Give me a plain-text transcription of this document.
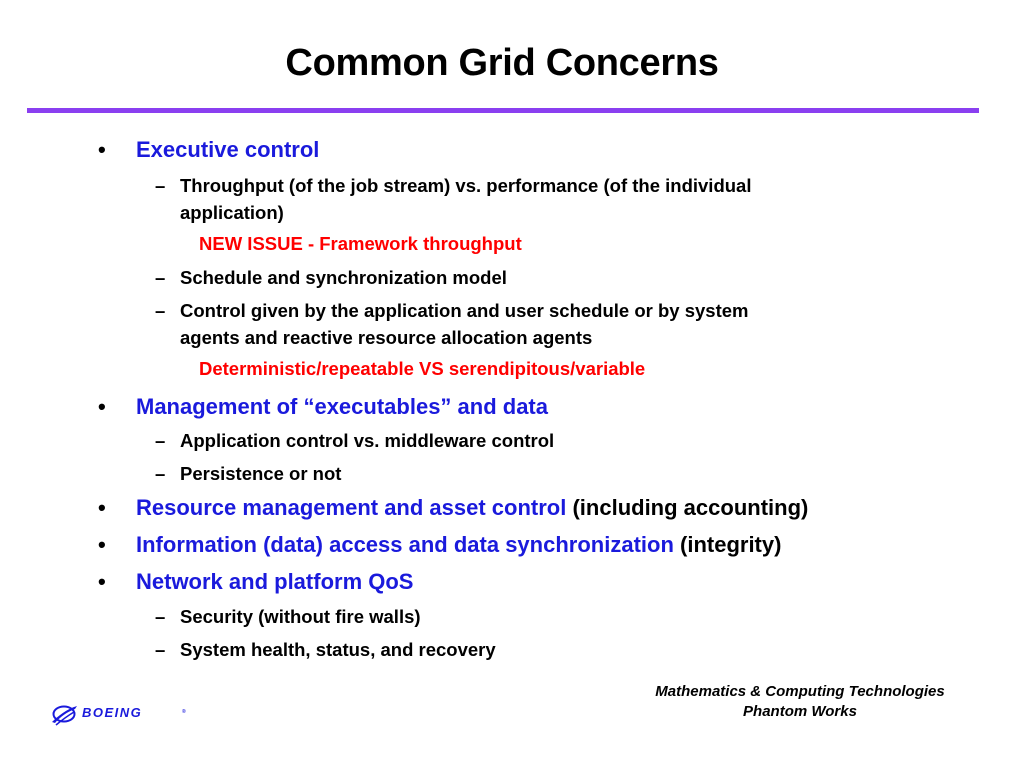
Common Grid Concerns
• Executive control
– Throughput (of the job stream) vs. performance (of the individual
application)
NEW ISSUE - Framework throughput
– Schedule and synchronization model
– Control given by the application and user schedule or by system
agents and reactive resource allocation agents
Deterministic/repeatable VS serendipitous/variable
• Management of “executables” and data
– Application control vs. middleware control
– Persistence or not
• Resource management and asset control (including accounting)
• Information (data) access and data synchronization (integrity)
• Network and platform QoS
– Security (without fire walls)
– System health, status, and recovery
BOEING	®
Mathematics & Computing Technologies
Phantom Works
